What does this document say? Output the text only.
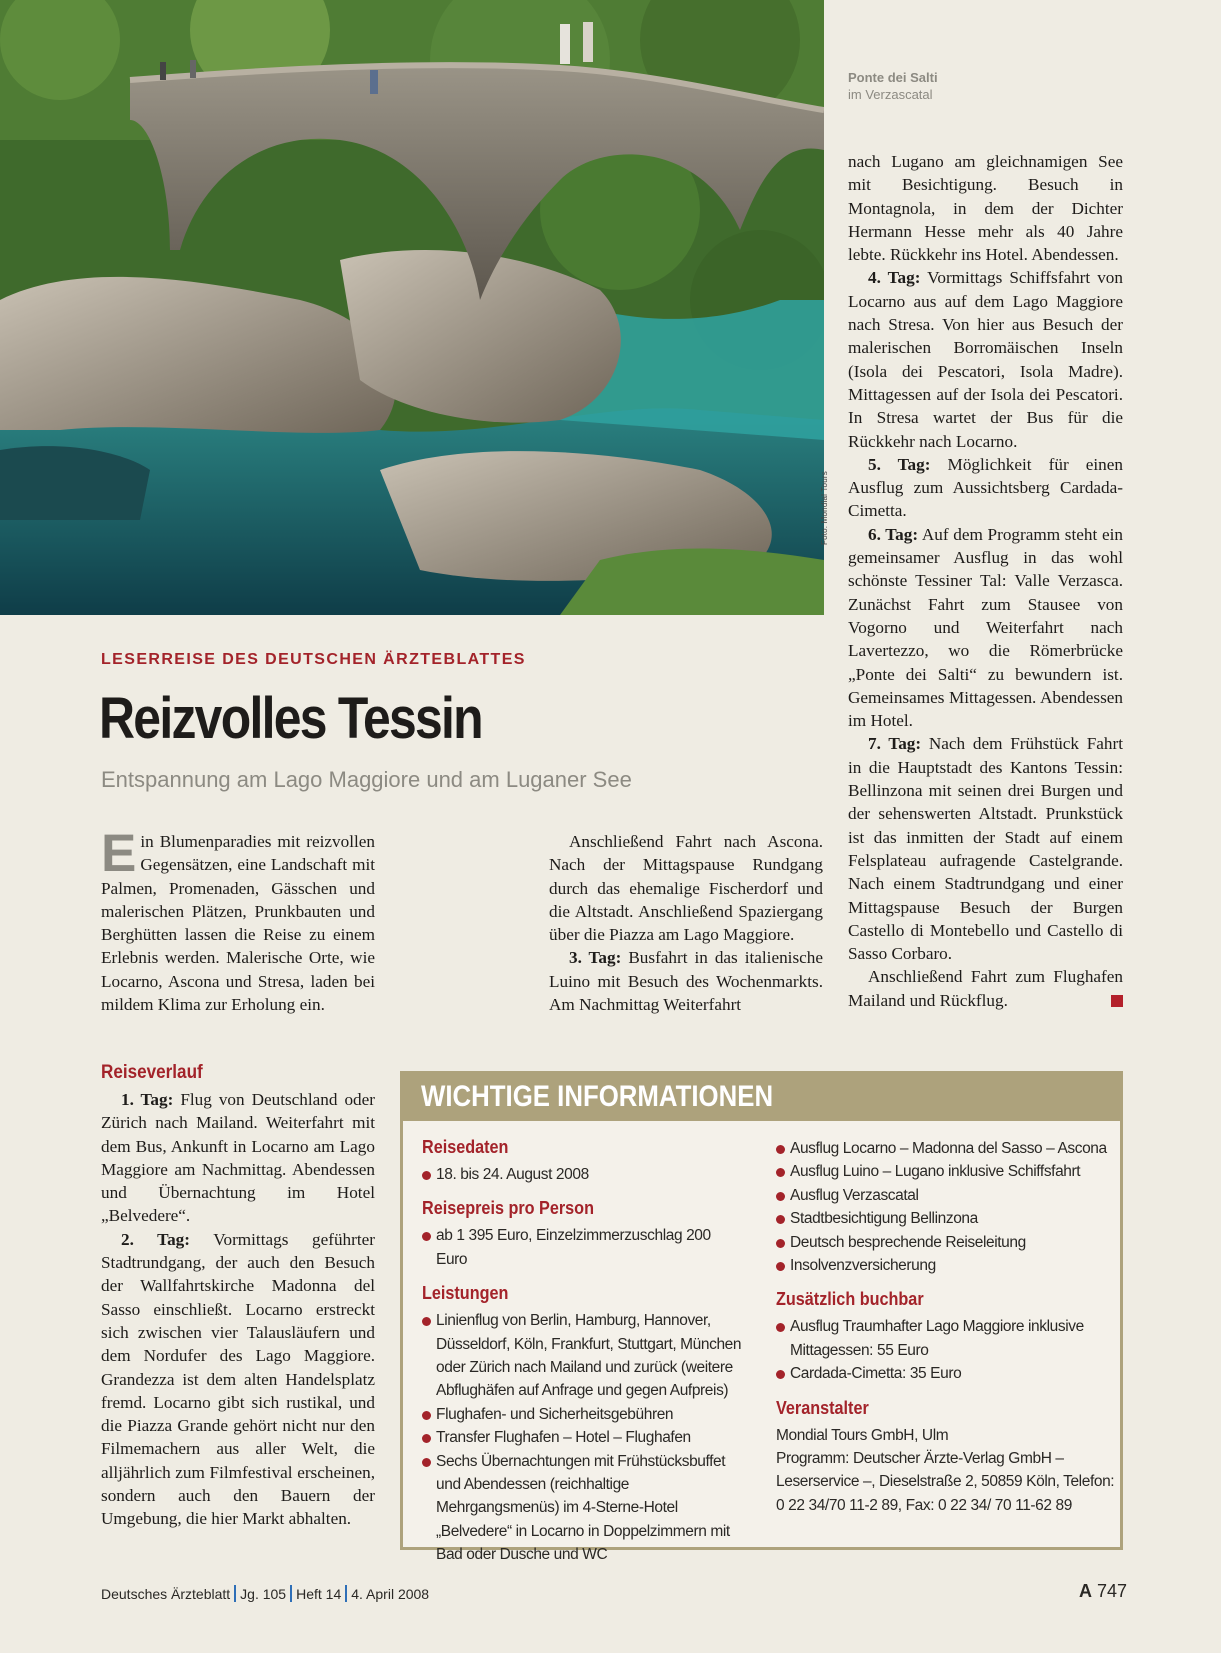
Foto: Mondial Tours
Ponte dei Salti
im Verzascatal
LESERREISE DES DEUTSCHEN ÄRZTEBLATTES
Reizvolles Tessin
Entspannung am Lago Maggiore und am Luganer See

Ein Blumenparadies mit reizvollen Gegensätzen, eine Landschaft mit Palmen, Promenaden, Gässchen und malerischen Plätzen, Prunkbauten und Berghütten lassen die Reise zu einem Erlebnis werden. Malerische Orte, wie Locarno, Ascona und Stresa, laden bei mildem Klima zur Erholung ein.

Anschließend Fahrt nach Ascona. Nach der Mittagspause Rundgang durch das ehemalige Fischerdorf und die Altstadt. Anschließend Spaziergang über die Piazza am Lago Maggiore.

3. Tag: Busfahrt in das italienische Luino mit Besuch des Wochenmarkts. Am Nachmittag Weiterfahrt

nach Lugano am gleichnamigen See mit Besichtigung. Besuch in Montagnola, in dem der Dichter Hermann Hesse mehr als 40 Jahre lebte. Rückkehr ins Hotel. Abendessen.

4. Tag: Vormittags Schiffsfahrt von Locarno aus auf dem Lago Maggiore nach Stresa. Von hier aus Besuch der malerischen Borromäischen Inseln (Isola dei Pescatori, Isola Madre). Mittagessen auf der Isola dei Pescatori. In Stresa wartet der Bus für die Rückkehr nach Locarno.

5. Tag: Möglichkeit für einen Ausflug zum Aussichtsberg Cardada-Cimetta.

6. Tag: Auf dem Programm steht ein gemeinsamer Ausflug in das wohl schönste Tessiner Tal: Valle Verzasca. Zunächst Fahrt zum Stausee von Vogorno und Weiterfahrt nach Lavertezzo, wo die Römerbrücke „Ponte dei Salti“ zu bewundern ist. Gemeinsames Mittagessen. Abendessen im Hotel.

7. Tag: Nach dem Frühstück Fahrt in die Hauptstadt des Kantons Tessin: Bellinzona mit seinen drei Burgen und der sehenswerten Altstadt. Prunkstück ist das inmitten der Stadt auf einem Felsplateau aufragende Castelgrande. Nach einem Stadtrundgang und einer Mittagspause Besuch der Burgen Castello di Montebello und Castello di Sasso Corbaro.

Anschließend Fahrt zum Flughafen Mailand und Rückflug.

Reiseverlauf

1. Tag: Flug von Deutschland oder Zürich nach Mailand. Weiterfahrt mit dem Bus, Ankunft in Locarno am Lago Maggiore am Nachmittag. Abendessen und Übernachtung im Hotel „Belvedere“.

2. Tag: Vormittags geführter Stadtrundgang, der auch den Besuch der Wallfahrtskirche Madonna del Sasso einschließt. Locarno erstreckt sich zwischen vier Talausläufern und dem Nordufer des Lago Maggiore. Grandezza ist dem alten Handelsplatz fremd. Locarno gibt sich rustikal, und die Piazza Grande gehört nicht nur den Filmemachern aus aller Welt, die alljährlich zum Filmfestival erscheinen, sondern auch den Bauern der Umgebung, die hier Markt abhalten.

WICHTIGE INFORMATIONEN
Reisedaten
18. bis 24. August 2008
Reisepreis pro Person
ab 1 395 Euro, Einzelzimmerzuschlag 200 Euro
Leistungen
Linienflug von Berlin, Hamburg, Hannover, Düsseldorf, Köln, Frankfurt, Stuttgart, München oder Zürich nach Mailand und zurück (weitere Abflughäfen auf Anfrage und gegen Aufpreis)
Flughafen- und Sicherheitsgebühren
Transfer Flughafen – Hotel – Flughafen
Sechs Übernachtungen mit Frühstücksbuffet und Abendessen (reichhaltige Mehrgangsmenüs) im 4-Sterne-Hotel „Belvedere“ in Locarno in Doppelzimmern mit Bad oder Dusche und WC
Ausflug Locarno – Madonna del Sasso – Ascona
Ausflug Luino – Lugano inklusive Schiffsfahrt
Ausflug Verzascatal
Stadtbesichtigung Bellinzona
Deutsch besprechende Reiseleitung
Insolvenzversicherung
Zusätzlich buchbar
Ausflug Traumhafter Lago Maggiore inklusive Mittagessen: 55 Euro
Cardada-Cimetta: 35 Euro
Veranstalter
Mondial Tours GmbH, Ulm
Programm: Deutscher Ärzte-Verlag GmbH – Leserservice –, Dieselstraße 2, 50859 Köln, Telefon: 0 22 34/70 11-2 89, Fax: 0 22 34/ 70 11-62 89
Deutsches Ärzteblatt Jg. 105 Heft 14 4. April 2008	A 747
